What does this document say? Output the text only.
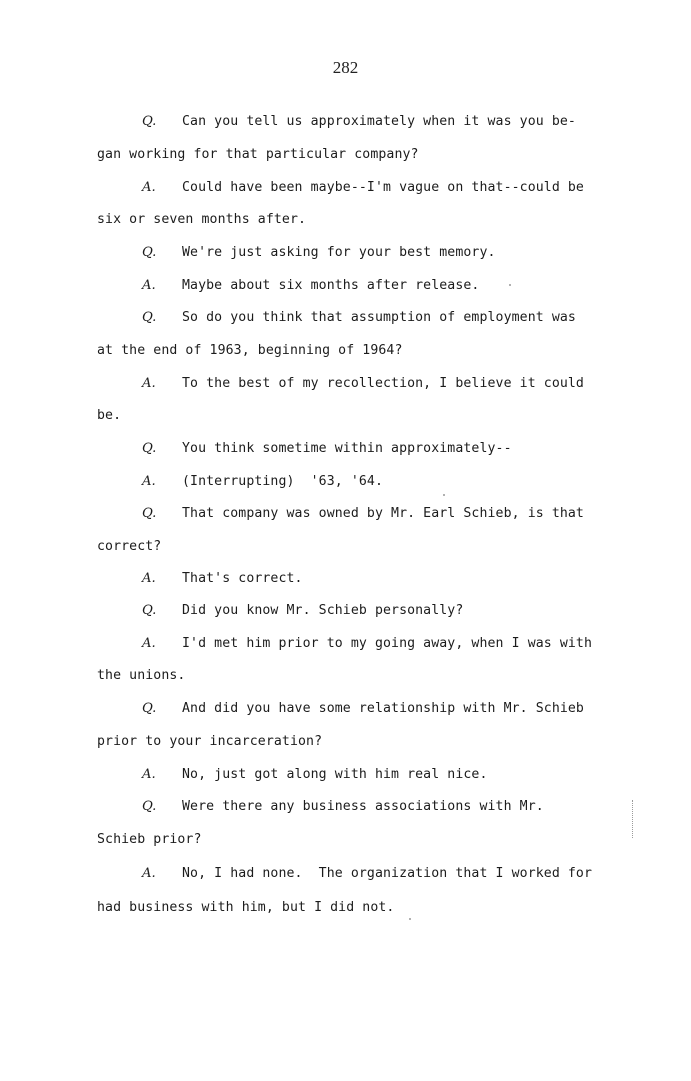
282
Q. Can you tell us approximately when it was you be-
gan working for that particular company?
A. Could have been maybe--I'm vague on that--could be
six or seven months after.
Q. We're just asking for your best memory.
A. Maybe about six months after release.
Q. So do you think that assumption of employment was
at the end of 1963, beginning of 1964?
A. To the best of my recollection, I believe it could
be.
Q. You think sometime within approximately--
A. (Interrupting)  '63, '64.
Q. That company was owned by Mr. Earl Schieb, is that
correct?
A. That's correct.
Q. Did you know Mr. Schieb personally?
A. I'd met him prior to my going away, when I was with
the unions.
Q. And did you have some relationship with Mr. Schieb
prior to your incarceration?
A. No, just got along with him real nice.
Q. Were there any business associations with Mr.
Schieb prior?
A. No, I had none.  The organization that I worked for
had business with him, but I did not.
